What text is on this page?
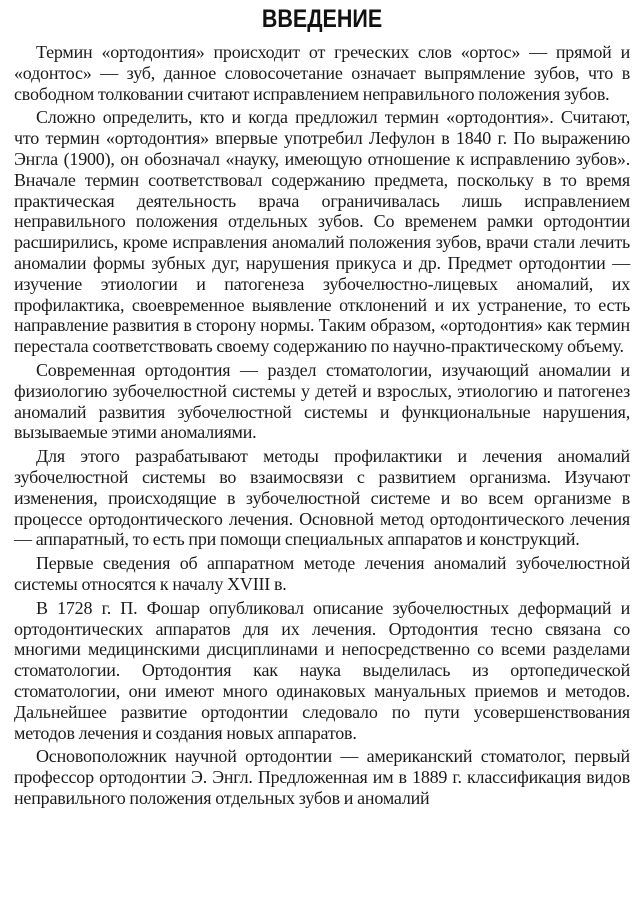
ВВЕДЕНИЕ

Термин «ортодонтия» происходит от греческих слов «ортос» — прямой и «одонтос» — зуб, данное словосочетание означает выпрямление зубов, что в свободном толковании считают исправлением неправильного положения зубов.

Сложно определить, кто и когда предложил термин «ортодонтия». Считают, что термин «ортодонтия» впервые употребил Лефулон в 1840 г. По выражению Энгла (1900), он обозначал «науку, имеющую отношение к исправлению зубов». Вначале термин соответствовал содержанию предмета, поскольку в то время практическая деятельность врача ограничивалась лишь исправлением неправильного положения отдельных зубов. Со временем рамки ортодонтии расширились, кроме исправления аномалий положения зубов, врачи стали лечить аномалии формы зубных дуг, нарушения прикуса и др. Предмет ортодонтии — изучение этиологии и патогенеза зубочелюстно-лицевых аномалий, их профилактика, своевременное выявление отклонений и их устранение, то есть направление развития в сторону нормы. Таким образом, «ортодонтия» как термин перестала соответствовать своему содержанию по научно-практическому объему.

Современная ортодонтия — раздел стоматологии, изучающий аномалии и физиологию зубочелюстной системы у детей и взрослых, этиологию и патогенез аномалий развития зубочелюстной системы и функциональные нарушения, вызываемые этими аномалиями.

Для этого разрабатывают методы профилактики и лечения аномалий зубочелюстной системы во взаимосвязи с развитием организма. Изучают изменения, происходящие в зубочелюстной системе и во всем организме в процессе ортодонтического лечения. Основной метод ортодонтического лечения — аппаратный, то есть при помощи специальных аппаратов и конструкций.

Первые сведения об аппаратном методе лечения аномалий зубочелюстной системы относятся к началу XVIII в.

В 1728 г. П. Фошар опубликовал описание зубочелюстных деформаций и ортодонтических аппаратов для их лечения. Ортодонтия тесно связана со многими медицинскими дисциплинами и непосредственно со всеми разделами стоматологии. Ортодонтия как наука выделилась из ортопедической стоматологии, они имеют много одинаковых мануальных приемов и методов. Дальнейшее развитие ортодонтии следовало по пути усовершенствования методов лечения и создания новых аппаратов.

Основоположник научной ортодонтии — американский стоматолог, первый профессор ортодонтии Э. Энгл. Предложенная им в 1889 г. классификация видов неправильного положения отдельных зубов и аномалий
